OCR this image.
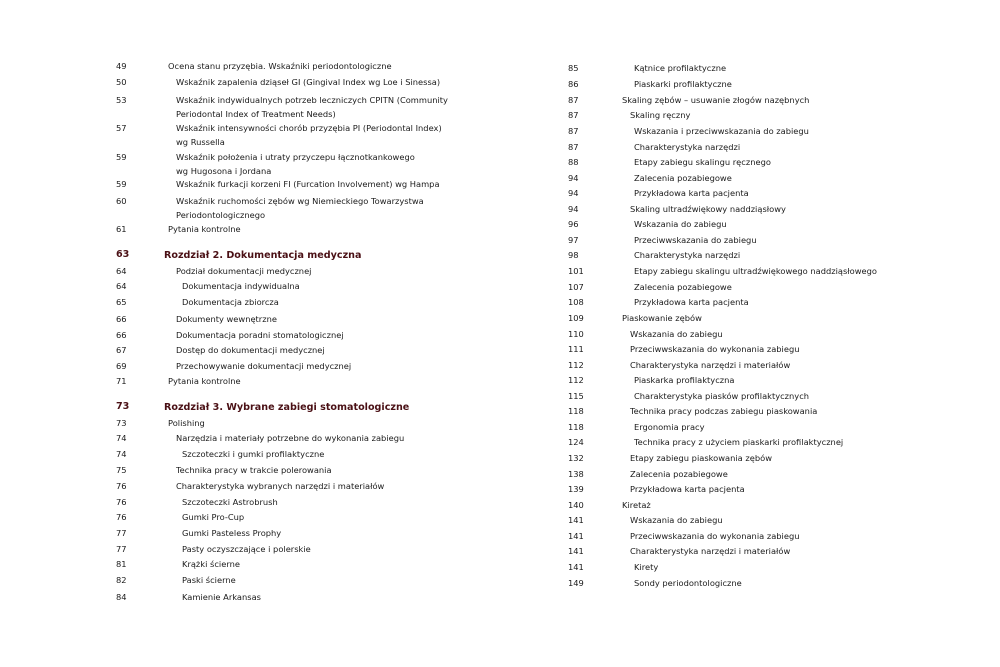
49	Ocena stanu przyzębia. Wskaźniki periodontologiczne
50	Wskaźnik zapalenia dziąseł GI (Gingival Index wg Loe i Sinessa)
53	Wskaźnik indywidualnych potrzeb leczniczych CPITN (Community
Periodontal Index of Treatment Needs)
57	Wskaźnik intensywności chorób przyzębia PI (Periodontal Index)
wg Russella
59	Wskaźnik położenia i utraty przyczepu łącznotkankowego
wg Hugosona i Jordana
59	Wskaźnik furkacji korzeni FI (Furcation Involvement) wg Hampa
60	Wskaźnik ruchomości zębów wg Niemieckiego Towarzystwa
Periodontologicznego
61	Pytania kontrolne
63	Rozdział 2. Dokumentacja medyczna
64	Podział dokumentacji medycznej
64	Dokumentacja indywidualna
65	Dokumentacja zbiorcza
66	Dokumenty wewnętrzne
66	Dokumentacja poradni stomatologicznej
67	Dostęp do dokumentacji medycznej
69	Przechowywanie dokumentacji medycznej
71	Pytania kontrolne
73	Rozdział 3. Wybrane zabiegi stomatologiczne
73	Polishing
74	Narzędzia i materiały potrzebne do wykonania zabiegu
74	Szczoteczki i gumki profilaktyczne
75	Technika pracy w trakcie polerowania
76	Charakterystyka wybranych narzędzi i materiałów
76	Szczoteczki Astrobrush
76	Gumki Pro-Cup
77	Gumki Pasteless Prophy
77	Pasty oczyszczające i polerskie
81	Krążki ścierne
82	Paski ścierne
84	Kamienie Arkansas
85	Kątnice profilaktyczne
86	Piaskarki profilaktyczne
87	Skaling zębów – usuwanie złogów nazębnych
87	Skaling ręczny
87	Wskazania i przeciwwskazania do zabiegu
87	Charakterystyka narzędzi
88	Etapy zabiegu skalingu ręcznego
94	Zalecenia pozabiegowe
94	Przykładowa karta pacjenta
94	Skaling ultradźwiękowy naddziąsłowy
96	Wskazania do zabiegu
97	Przeciwwskazania do zabiegu
98	Charakterystyka narzędzi
101	Etapy zabiegu skalingu ultradźwiękowego naddziąsłowego
107	Zalecenia pozabiegowe
108	Przykładowa karta pacjenta
109	Piaskowanie zębów
110	Wskazania do zabiegu
111	Przeciwwskazania do wykonania zabiegu
112	Charakterystyka narzędzi i materiałów
112	Piaskarka profilaktyczna
115	Charakterystyka piasków profilaktycznych
118	Technika pracy podczas zabiegu piaskowania
118	Ergonomia pracy
124	Technika pracy z użyciem piaskarki profilaktycznej
132	Etapy zabiegu piaskowania zębów
138	Zalecenia pozabiegowe
139	Przykładowa karta pacjenta
140	Kiretaż
141	Wskazania do zabiegu
141	Przeciwwskazania do wykonania zabiegu
141	Charakterystyka narzędzi i materiałów
141	Kirety
149	Sondy periodontologiczne
